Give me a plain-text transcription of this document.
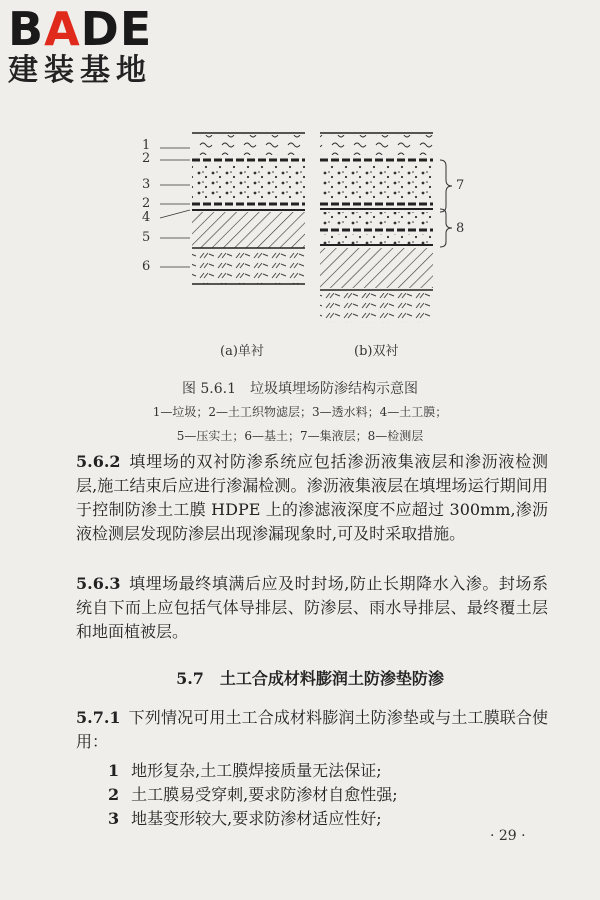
BADE
建装基地
1
2
3
2
4
5
6
7
8
(a)单衬	(b)双衬
图 5.6.1　垃圾填埋场防渗结构示意图
1—垃圾；2—土工织物滤层；3—透水料；4—土工膜；
5—压实土；6—基土；7—集液层；8—检测层
5.6.2 填埋场的双衬防渗系统应包括渗沥液集液层和渗沥液检测层,施工结束后应进行渗漏检测。渗沥液集液层在填埋场运行期间用于控制防渗土工膜 HDPE 上的渗滤液深度不应超过 300mm,渗沥液检测层发现防渗层出现渗漏现象时,可及时采取措施。
5.6.3 填埋场最终填满后应及时封场,防止长期降水入渗。封场系统自下而上应包括气体导排层、防渗层、雨水导排层、最终覆土层和地面植被层。
5.7　土工合成材料膨润土防渗垫防渗
5.7.1 下列情况可用土工合成材料膨润土防渗垫或与土工膜联合使用：
1 地形复杂,土工膜焊接质量无法保证;
2 土工膜易受穿刺,要求防渗材自愈性强;
3 地基变形较大,要求防渗材适应性好;
· 29 ·
